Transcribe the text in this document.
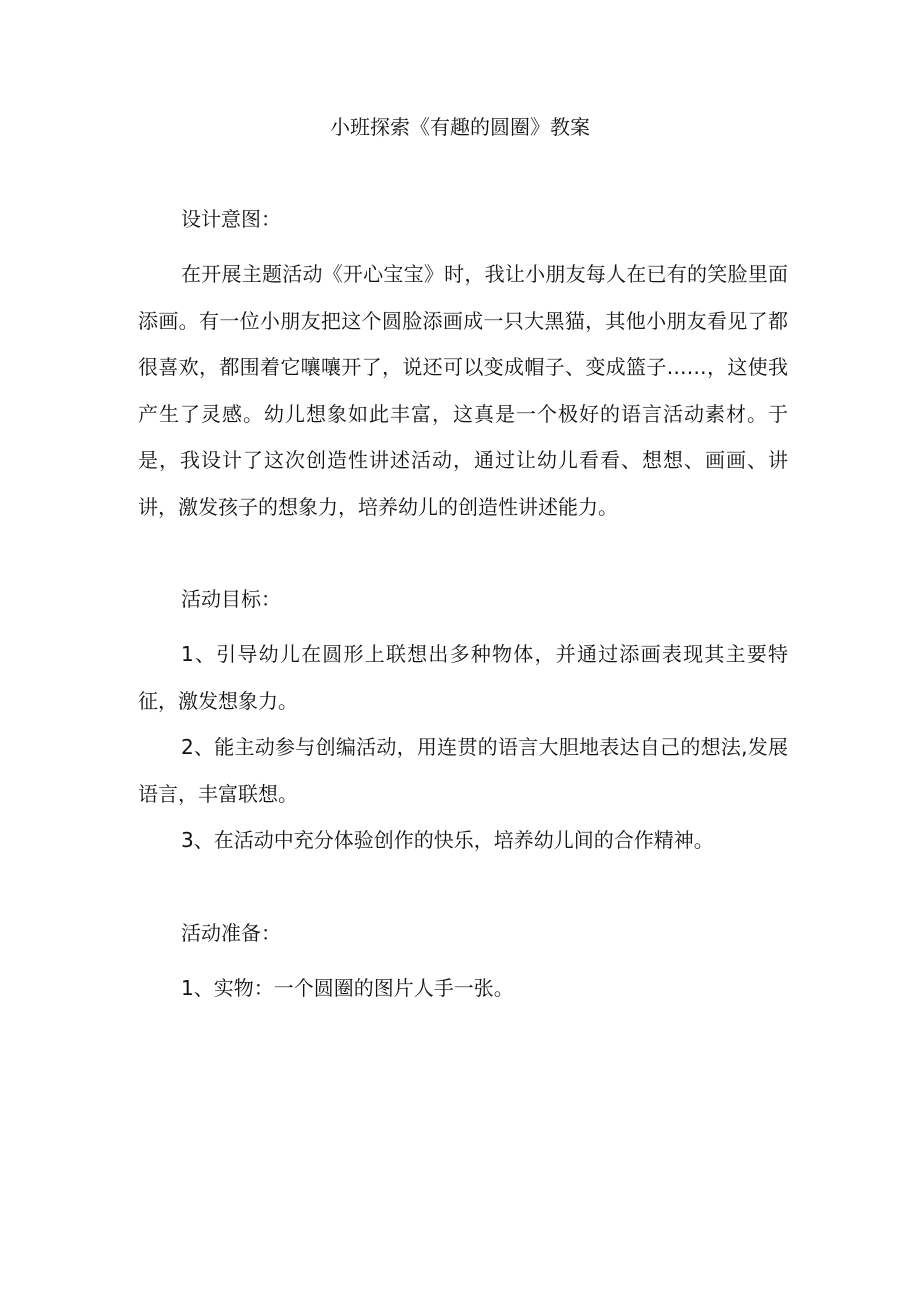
小班探索《有趣的圆圈》教案

设计意图：

在开展主题活动《开心宝宝》时，我让小朋友每人在已有的笑脸里面添画。有一位小朋友把这个圆脸添画成一只大黑猫，其他小朋友看见了都很喜欢，都围着它嚷嚷开了，说还可以变成帽子、变成篮子……，这使我产生了灵感。幼儿想象如此丰富，这真是一个极好的语言活动素材。于是，我设计了这次创造性讲述活动，通过让幼儿看看、想想、画画、讲讲，激发孩子的想象力，培养幼儿的创造性讲述能力。

活动目标：

1、引导幼儿在圆形上联想出多种物体，并通过添画表现其主要特征，激发想象力。

2、能主动参与创编活动，用连贯的语言大胆地表达自己的想法,发展语言，丰富联想。

3、在活动中充分体验创作的快乐，培养幼儿间的合作精神。

活动准备：

1、实物：一个圆圈的图片人手一张。
